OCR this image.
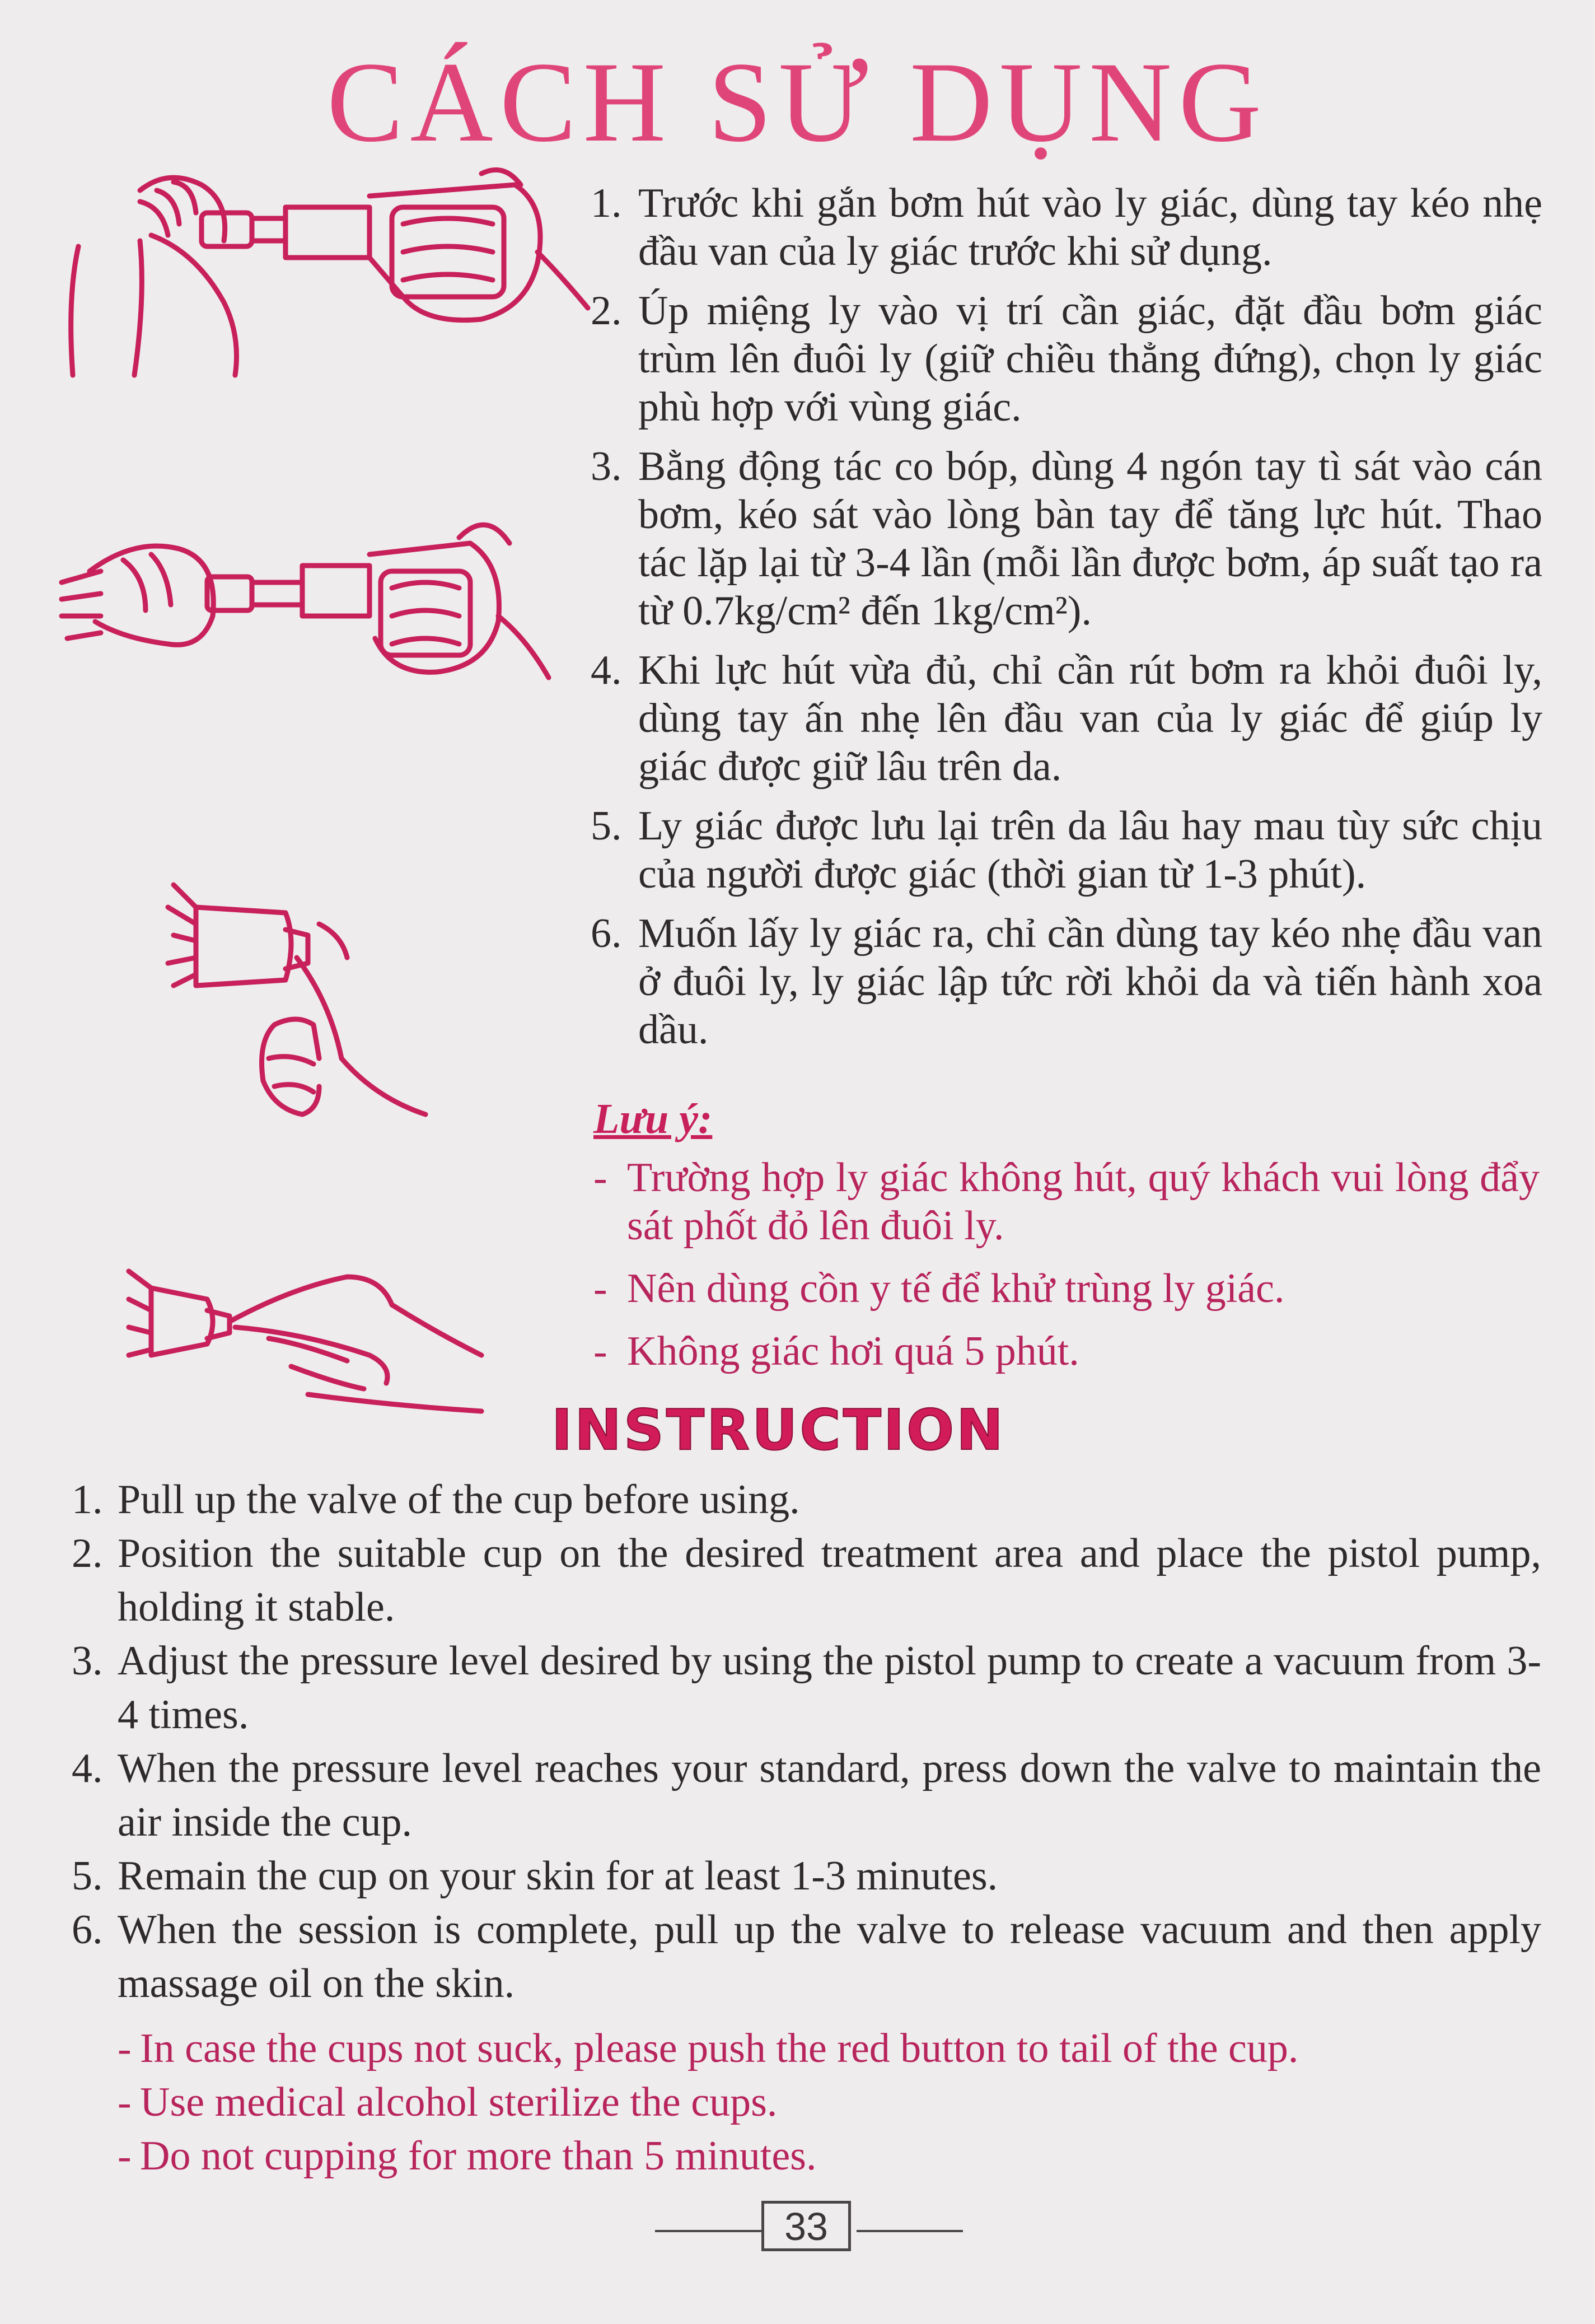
CÁCH SỬ DỤNG
1. Trước khi gắn bơm hút vào ly giác, dùng tay kéo nhẹ đầu van của ly giác trước khi sử dụng.
2. Úp miệng ly vào vị trí cần giác, đặt đầu bơm giác trùm lên đuôi ly (giữ chiều thẳng đứng), chọn ly giác phù hợp với vùng giác.
3. Bằng động tác co bóp, dùng 4 ngón tay tì sát vào cán bơm, kéo sát vào lòng bàn tay để tăng lực hút. Thao tác lặp lại từ 3-4 lần (mỗi lần được bơm, áp suất tạo ra từ 0.7kg/cm² đến 1kg/cm²).
4. Khi lực hút vừa đủ, chỉ cần rút bơm ra khỏi đuôi ly, dùng tay ấn nhẹ lên đầu van của ly giác để giúp ly giác được giữ lâu trên da.
5. Ly giác được lưu lại trên da lâu hay mau tùy sức chịu của người được giác (thời gian từ 1-3 phút).
6. Muốn lấy ly giác ra, chỉ cần dùng tay kéo nhẹ đầu van ở đuôi ly, ly giác lập tức rời khỏi da và tiến hành xoa dầu.
Lưu ý:
- Trường hợp ly giác không hút, quý khách vui lòng đẩy sát phốt đỏ lên đuôi ly.
- Nên dùng cồn y tế để khử trùng ly giác.
- Không giác hơi quá 5 phút.
INSTRUCTION
1. Pull up the valve of the cup before using.
2. Position the suitable cup on the desired treatment area and place the pistol pump, holding it stable.
3. Adjust the pressure level desired by using the pistol pump to create a vacuum from 3-4 times.
4. When the pressure level reaches your standard, press down the valve to maintain the air inside the cup.
5. Remain the cup on your skin for at least 1-3 minutes.
6. When the session is complete, pull up the valve to release vacuum and then apply massage oil on the skin.
- In case the cups not suck, please push the red button to tail of the cup.
- Use medical alcohol sterilize the cups.
- Do not cupping for more than 5 minutes.
33
